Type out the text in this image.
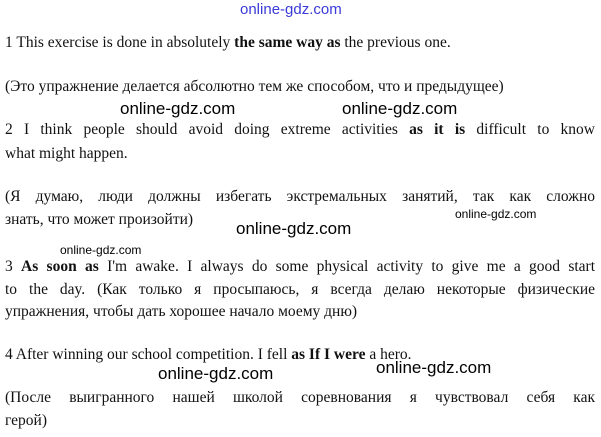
online-gdz.com
1 This exercise is done in absolutely the same way as the previous one.
(Это упражнение делается абсолютно тем же способом, что и предыдущее)
online-gdz.com	online-gdz.com
2 I think people should avoid doing extreme activities as it is difficult to know
what might happen.
(Я думаю, люди должны избегать экстремальных занятий, так как сложно
знать, что может произойти)	online-gdz.com
online-gdz.com
online-gdz.com
3 As soon as I'm awake. I always do some physical activity to give me a good start
to the day. (Как только я просыпаюсь, я всегда делаю некоторые физические
упражнения, чтобы дать хорошее начало моему дню)
4 After winning our school competition. I fell as If I were a hero.
online-gdz.com	online-gdz.com
(После выигранного нашей школой соревнования я чувствовал себя как
герой)
